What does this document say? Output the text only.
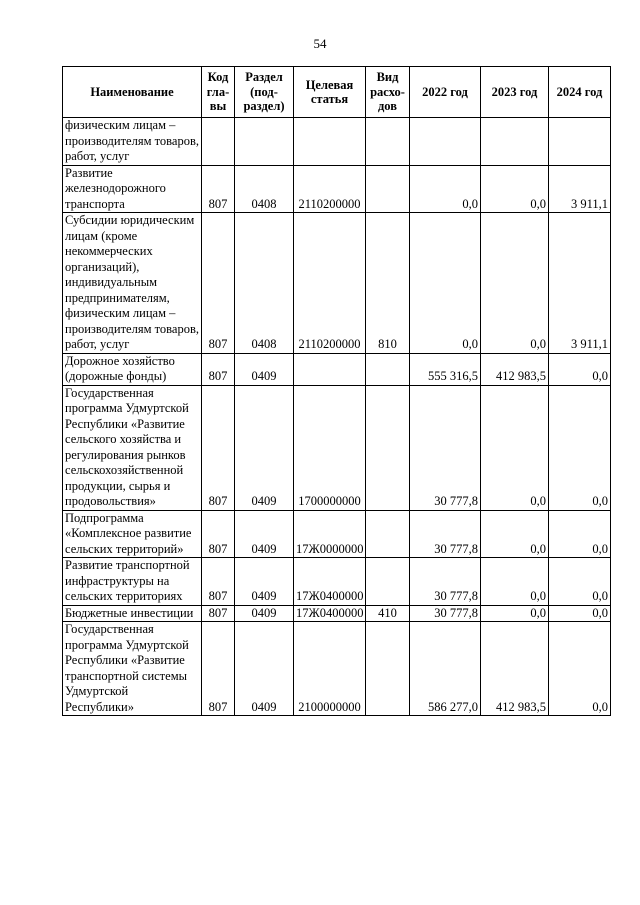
54
Наименование	Код гла-вы	Раздел (под-раздел)	Целевая статья	Вид расхо-дов	2022 год	2023 год	2024 год
физическим лицам – производителям товаров, работ, услуг							
Развитие железнодорожного транспорта	807	0408	2110200000		0,0	0,0	3 911,1
Субсидии юридическим лицам (кроме некоммерческих организаций), индивидуальным предпринимателям, физическим лицам – производителям товаров, работ, услуг	807	0408	2110200000	810	0,0	0,0	3 911,1
Дорожное хозяйство (дорожные фонды)	807	0409			555 316,5	412 983,5	0,0
Государственная программа Удмуртской Республики «Развитие сельского хозяйства и регулирования рынков сельскохозяйственной продукции, сырья и продовольствия»	807	0409	1700000000		30 777,8	0,0	0,0
Подпрограмма «Комплексное развитие сельских территорий»	807	0409	17Ж0000000		30 777,8	0,0	0,0
Развитие транспортной инфраструктуры на сельских территориях	807	0409	17Ж0400000		30 777,8	0,0	0,0
Бюджетные инвестиции	807	0409	17Ж0400000	410	30 777,8	0,0	0,0
Государственная программа Удмуртской Республики «Развитие транспортной системы Удмуртской Республики»	807	0409	2100000000		586 277,0	412 983,5	0,0
